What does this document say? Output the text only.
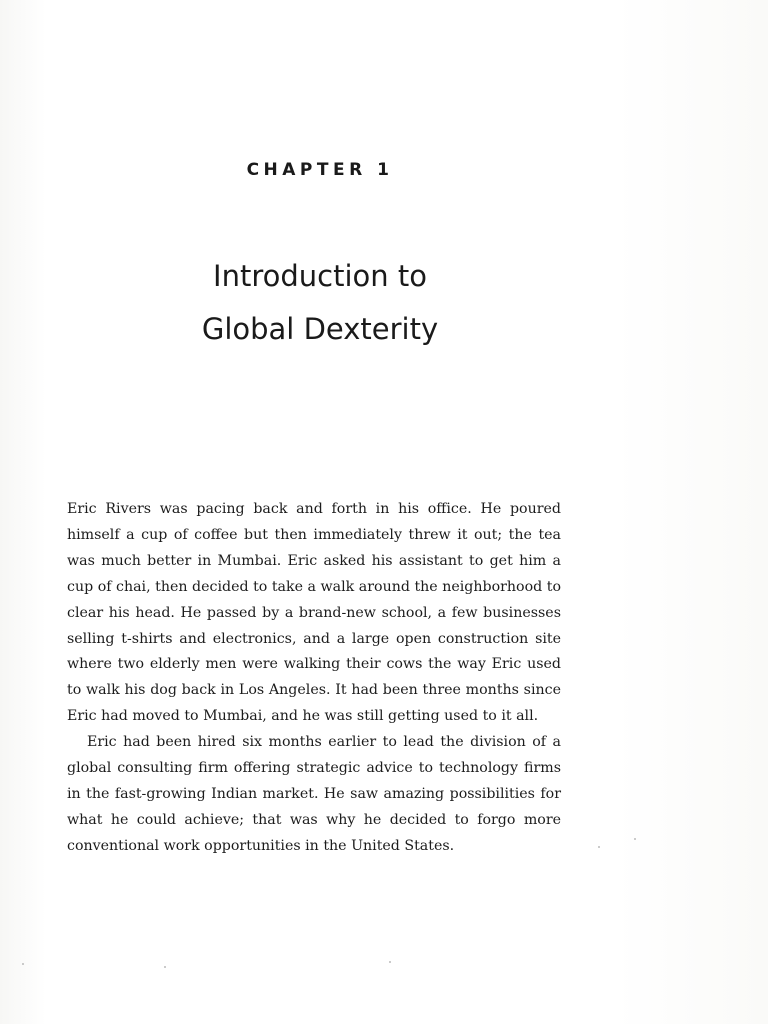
CHAPTER 1
Introduction to
Global Dexterity

Eric Rivers was pacing back and forth in his office. He poured himself a cup of coffee but then immediately threw it out; the tea was much better in Mumbai. Eric asked his assistant to get him a cup of chai, then decided to take a walk around the neighborhood to clear his head. He passed by a brand-new school, a few businesses selling t-shirts and electronics, and a large open construction site where two elderly men were walking their cows the way Eric used to walk his dog back in Los Angeles. It had been three months since Eric had moved to Mumbai, and he was still getting used to it all.

Eric had been hired six months earlier to lead the division of a global consulting firm offering strategic advice to technology firms in the fast-growing Indian market. He saw amazing possibilities for what he could achieve; that was why he decided to forgo more conventional work opportunities in the United States.
